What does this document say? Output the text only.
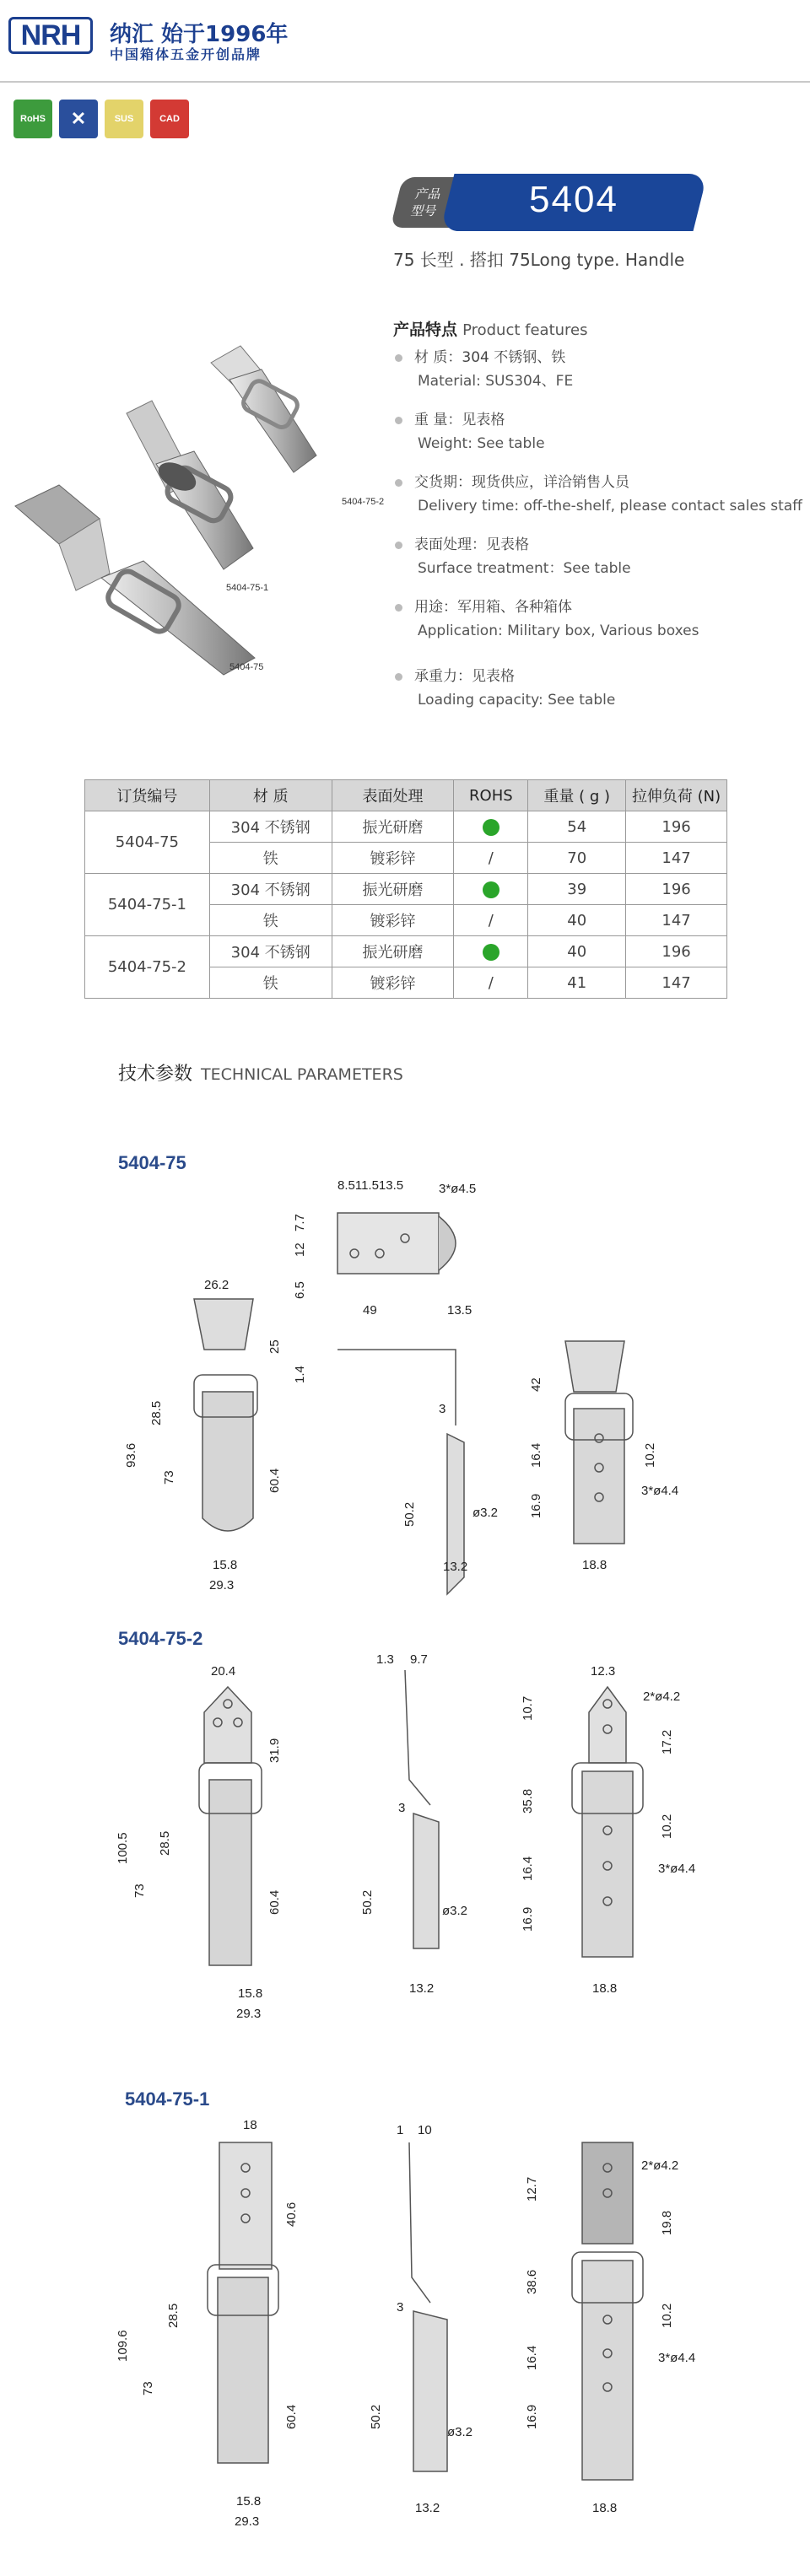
NRH	纳汇 始于1996年
中国箱体五金开创品牌
RoHS ✕	SUS	CAD
产品
型号	5404
75 长型 . 搭扣 75Long type. Handle
5404-75-2
5404-75-1
5404-75
产品特点 Product features
材 质：304 不锈钢、铁
Material: SUS304、FE
重 量：见表格
Weight: See table
交货期：现货供应，详洽销售人员
Delivery time: off-the-shelf, please contact sales staff
表面处理：见表格
Surface treatment：See table
用途：军用箱、各种箱体
Application: Military box, Various boxes
承重力：见表格
Loading capacity: See table
订货编号	材 质	表面处理	ROHS	重量 ( g )	拉伸负荷 (N)
5404-75	304 不锈钢	振光研磨		54	196
	铁	镀彩锌	/	70	147
5404-75-1	304 不锈钢	振光研磨		39	196
	铁	镀彩锌	/	40	147
5404-75-2	304 不锈钢	振光研磨		40	196
	铁	镀彩锌	/	41	147
技术参数 TECHNICAL PARAMETERS
5404-75
8.511.513.5	3*ø4.5
12
7.7
6.5
26.2
25
93.6
28.5
73	60.4
15.8
29.3
49	13.5
1.4
3
50.2	ø3.2
13.2
42
16.4	10.2
3*ø4.4
16.9
18.8
5404-75-2
20.4
31.9
100.5 28.5
73	60.4
15.8
29.3
1.3 9.7
3
50.2	ø3.2
13.2
12.3
10.7	2*ø4.2
17.2
35.8
10.2
16.4	3*ø4.4
16.9
18.8
5404-75-1
18
40.6
109.6
28.5
73
60.4
15.8
29.3
1 10
3
50.2
ø3.2
13.2
12.7
2*ø4.2
19.8
38.6
10.2
16.4	3*ø4.4
16.9
18.8
